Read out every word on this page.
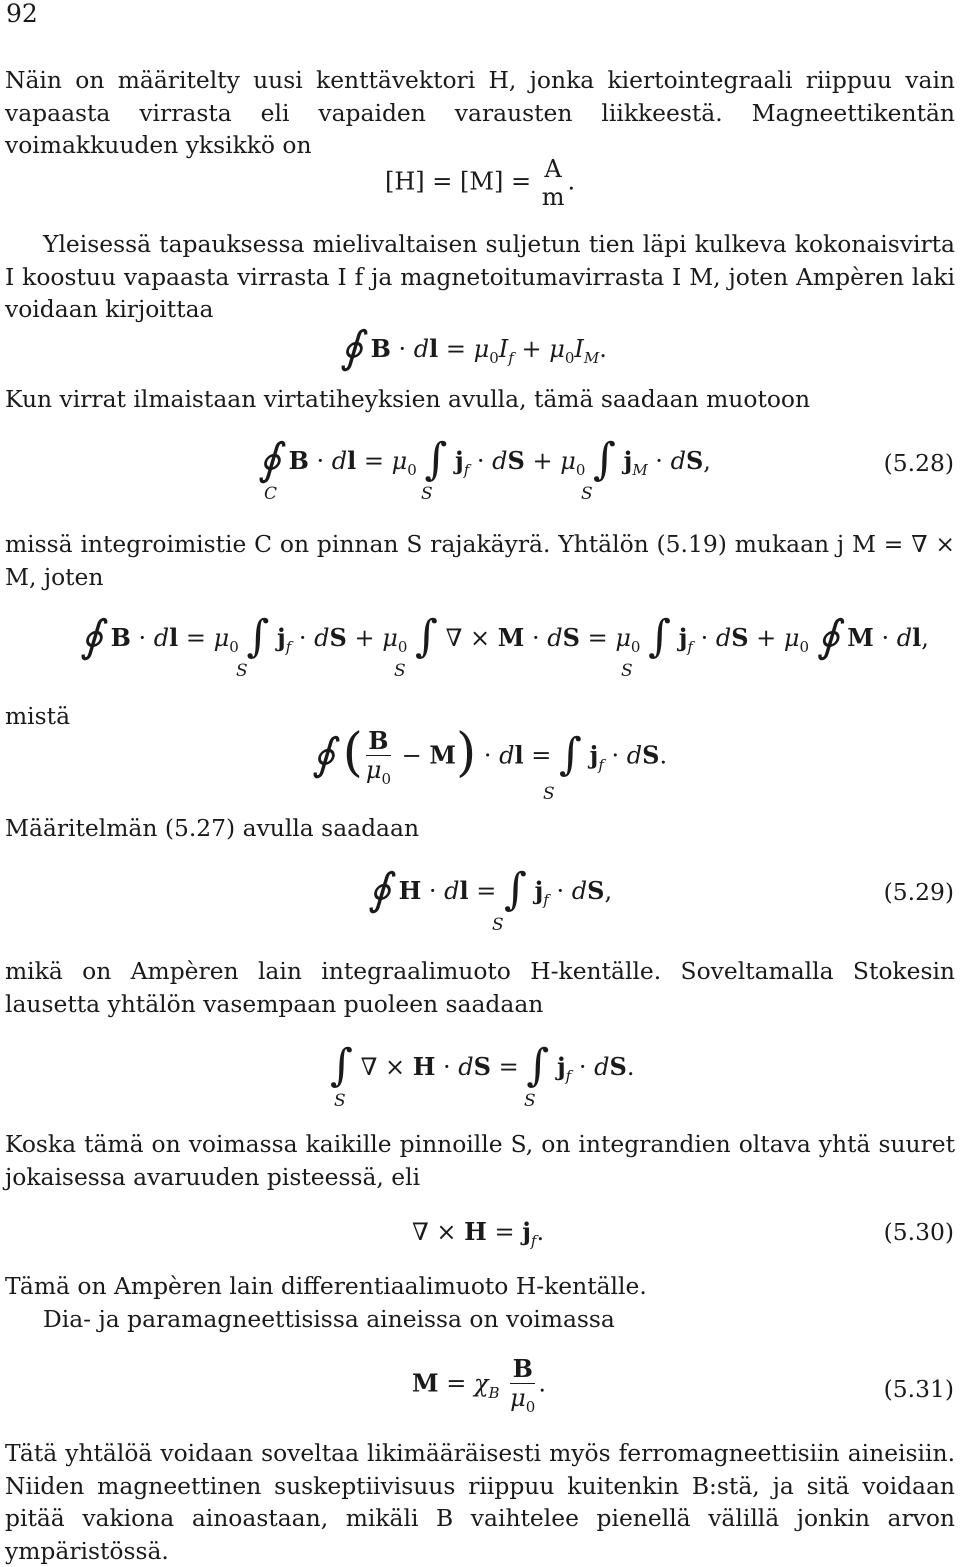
92
Näin on määritelty uusi kenttävektori H, jonka kiertointegraali riippuu vain vapaasta virrasta eli vapaiden varausten liikkeestä. Magneettikentän voimakkuuden yksikkö on
[H] = [M] = A
m
.
Yleisessä tapauksessa mielivaltaisen suljetun tien läpi kulkeva kokonaisvirta I koostuu vapaasta virrasta I f ja magnetoitumavirrasta I M, joten Ampèren laki voidaan kirjoittaa
∮ B · dl = $\mu_0I_f + \mu_0I_M$.
Kun virrat ilmaistaan virtatiheyksien avulla, tämä saadaan muotoon
∮ B · dl = $\mu_0$ ∫ $j_f$ · dS + $\mu_0$ ∫ $j_M$ · dS,
C	S	S
(5.28)
missä integroimistie C on pinnan S rajakäyrä. Yhtälön (5.19) mukaan j M = ∇ × M, joten
∮ B · dl = $\mu_0$ ∫ $j_f$ · dS + $\mu_0$ ∫ ∇ × M · dS = $\mu_0$ ∫ $j_f$ · dS + $\mu_0$ ∮ M · dl,
S	S	S
mistä
∮ ( $\frac{B}{\mu_0} - M$) · dl = ∫ $j_f$ · dS.
S
Määritelmän (5.27) avulla saadaan
∮ H · dl = ∫ $j_f$ · dS,
S
(5.29)
mikä on Ampèren lain integraalimuoto H-kentälle. Soveltamalla Stokesin lausetta yhtälön vasempaan puoleen saadaan
∫ ∇ × H · dS = ∫ $j_f$ · dS.
S	S
Koska tämä on voimassa kaikille pinnoille S, on integrandien oltava yhtä suuret jokaisessa avaruuden pisteessä, eli
∇ × $H = j_f$.	(5.30)
Tämä on Ampèren lain differentiaalimuoto H-kentälle.
Dia- ja paramagneettisissa aineissa on voimassa
$M = \chi_B \frac{B}{\mu_0}$ .	(5.31)
Tätä yhtälöä voidaan soveltaa likimääräisesti myös ferromagneettisiin aineisiin. Niiden magneettinen suskeptiivisuus riippuu kuitenkin B:stä, ja sitä voidaan pitää vakiona ainoastaan, mikäli B vaihtelee pienellä välillä jonkin arvon ympäristössä.
